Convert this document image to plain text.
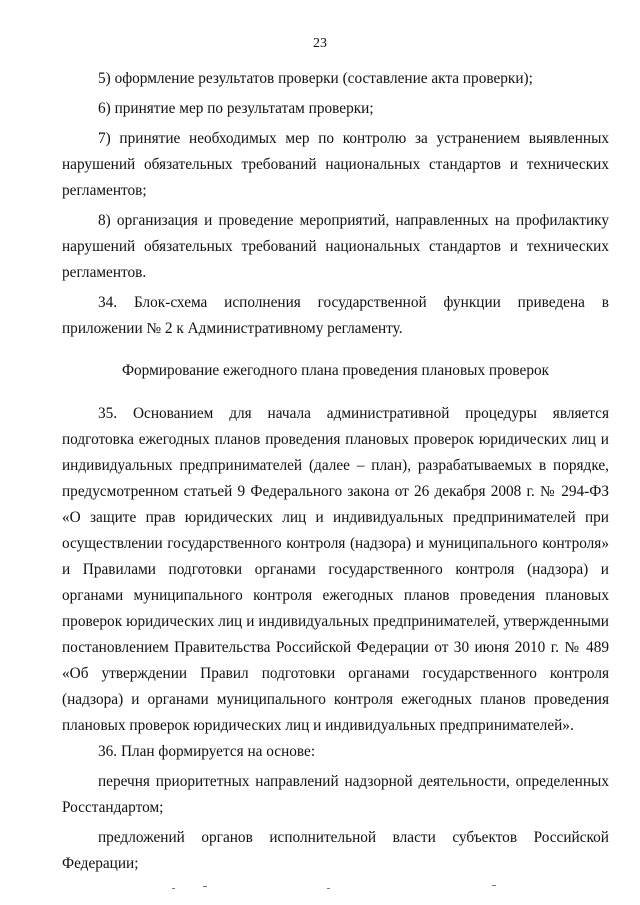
23

5) оформление результатов проверки (составление акта проверки);

6) принятие мер по результатам проверки;

7) принятие необходимых мер по контролю за устранением выявленных нарушений обязательных требований национальных стандартов и технических регламентов;

8) организация и проведение мероприятий, направленных на профилактику нарушений обязательных требований национальных стандартов и технических регламентов.

34. Блок-схема исполнения государственной функции приведена в приложении № 2 к Административному регламенту.

Формирование ежегодного плана проведения плановых проверок

35. Основанием для начала административной процедуры является подготовка ежегодных планов проведения плановых проверок юридических лиц и индивидуальных предпринимателей (далее – план), разрабатываемых в порядке, предусмотренном статьей 9 Федерального закона от 26 декабря 2008 г. № 294-ФЗ «О защите прав юридических лиц и индивидуальных предпринимателей при осуществлении государственного контроля (надзора) и муниципального контроля» и Правилами подготовки органами государственного контроля (надзора) и органами муниципального контроля ежегодных планов проведения плановых проверок юридических лиц и индивидуальных предпринимателей, утвержденными постановлением Правительства Российской Федерации от 30 июня 2010 г. № 489 «Об утверждении Правил подготовки органами государственного контроля (надзора) и органами муниципального контроля ежегодных планов проведения плановых проверок юридических лиц и индивидуальных предпринимателей».

36. План формируется на основе:

перечня приоритетных направлений надзорной деятельности, определенных Росстандартом;

предложений органов исполнительной власти субъектов Российской Федерации;
